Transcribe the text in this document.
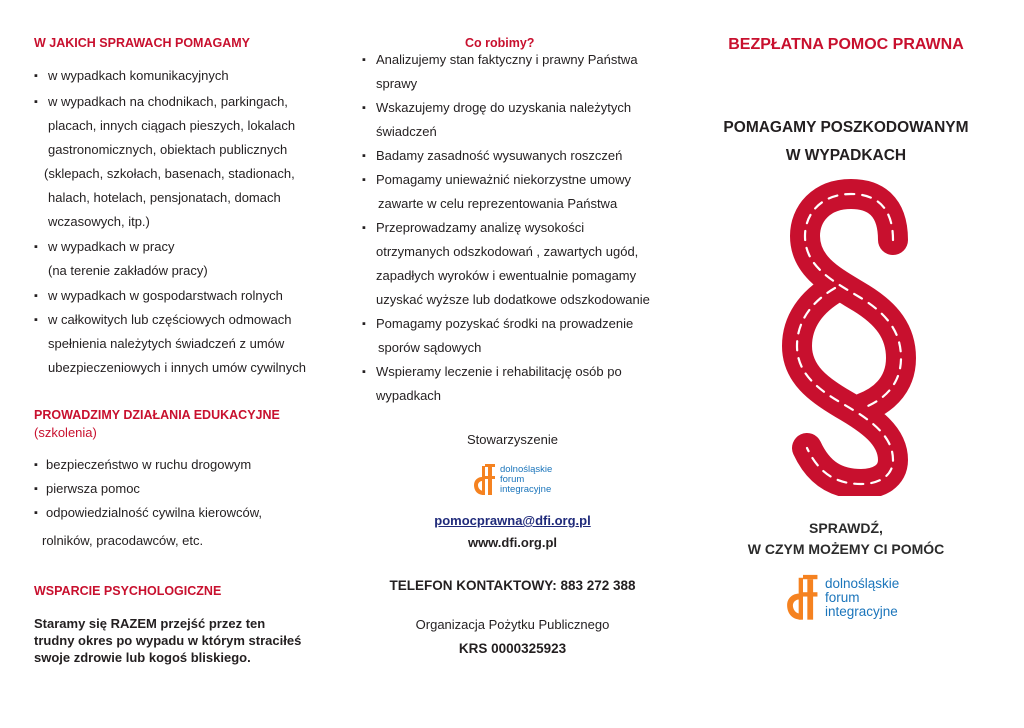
W JAKICH SPRAWACH POMAGAMY
▪ w wypadkach komunikacyjnych
▪ w wypadkach na chodnikach, parkingach,
placach, innych ciągach pieszych, lokalach
gastronomicznych, obiektach publicznych
(sklepach, szkołach, basenach, stadionach,
halach, hotelach, pensjonatach, domach
wczasowych, itp.)
▪ w wypadkach w pracy
(na terenie zakładów pracy)
▪ w wypadkach w gospodarstwach rolnych
▪ w całkowitych lub częściowych odmowach
spełnienia należytych świadczeń z umów
ubezpieczeniowych i innych umów cywilnych
PROWADZIMY DZIAŁANIA EDUKACYJNE
(szkolenia)
▪ bezpieczeństwo w ruchu drogowym
▪ pierwsza pomoc
▪ odpowiedzialność cywilna kierowców,
rolników, pracodawców, etc.
WSPARCIE PSYCHOLOGICZNE
Staramy się RAZEM przejść przez ten
trudny okres po wypadu w którym straciłeś
swoje zdrowie lub kogoś bliskiego.
Co robimy?
▪ Analizujemy stan faktyczny i prawny Państwa
sprawy
▪ Wskazujemy drogę do uzyskania należytych
świadczeń
▪ Badamy zasadność wysuwanych roszczeń
▪ Pomagamy unieważnić niekorzystne umowy
zawarte w celu reprezentowania Państwa
▪ Przeprowadzamy analizę wysokości
otrzymanych odszkodowań , zawartych ugód,
zapadłych wyroków i ewentualnie pomagamy
uzyskać wyższe lub dodatkowe odszkodowanie
▪ Pomagamy pozyskać środki na prowadzenie
sporów sądowych
▪ Wspieramy leczenie i rehabilitację osób po
wypadkach
Stowarzyszenie
dolnośląskie
forum
integracyjne
pomocprawna@dfi.org.pl
www.dfi.org.pl
TELEFON KONTAKTOWY: 883 272 388
Organizacja Pożytku Publicznego
KRS 0000325923
BEZPŁATNA POMOC PRAWNA
POMAGAMY POSZKODOWANYM
W WYPADKACH
SPRAWDŹ,
W CZYM MOŻEMY CI POMÓC
dolnośląskie
forum
integracyjne
